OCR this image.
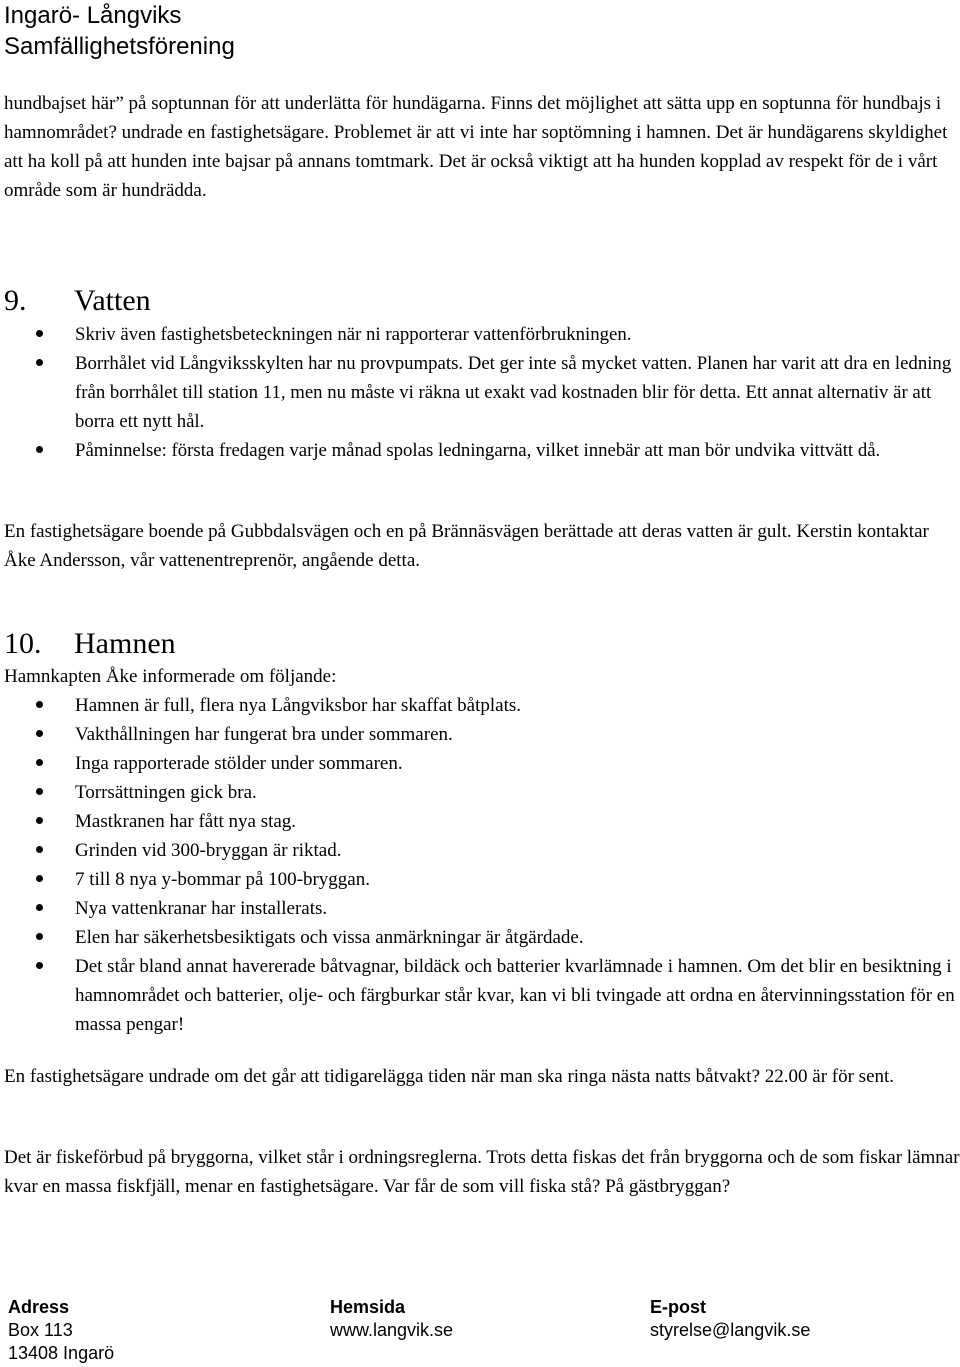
Ingarö- Långviks
Samfällighetsförening

hundbajset här” på soptunnan för att underlätta för hundägarna. Finns det möjlighet att sätta upp en soptunna för hundbajs i hamnområdet? undrade en fastighetsägare. Problemet är att vi inte har soptömning i hamnen. Det är hundägarens skyldighet att ha koll på att hunden inte bajsar på annans tomtmark. Det är också viktigt att ha hunden kopplad av respekt för de i vårt område som är hundrädda.

9. Vatten
Skriv även fastighetsbeteckningen när ni rapporterar vattenförbrukningen.
Borrhålet vid Långviksskylten har nu provpumpats. Det ger inte så mycket vatten. Planen har varit att dra en ledning från borrhålet till station 11, men nu måste vi räkna ut exakt vad kostnaden blir för detta. Ett annat alternativ är att borra ett nytt hål.
Påminnelse: första fredagen varje månad spolas ledningarna, vilket innebär att man bör undvika vittvätt då.

En fastighetsägare boende på Gubbdalsvägen och en på Brännäsvägen berättade att deras vatten är gult. Kerstin kontaktar Åke Andersson, vår vattenentreprenör, angående detta.

10. Hamnen

Hamnkapten Åke informerade om följande:

Hamnen är full, flera nya Långviksbor har skaffat båtplats.
Vakthållningen har fungerat bra under sommaren.
Inga rapporterade stölder under sommaren.
Torrsättningen gick bra.
Mastkranen har fått nya stag.
Grinden vid 300-bryggan är riktad.
7 till 8 nya y-bommar på 100-bryggan.
Nya vattenkranar har installerats.
Elen har säkerhetsbesiktigats och vissa anmärkningar är åtgärdade.
Det står bland annat havererade båtvagnar, bildäck och batterier kvarlämnade i hamnen. Om det blir en besiktning i hamnområdet och batterier, olje- och färgburkar står kvar, kan vi bli tvingade att ordna en återvinningsstation för en massa pengar!

En fastighetsägare undrade om det går att tidigarelägga tiden när man ska ringa nästa natts båtvakt? 22.00 är för sent.

Det är fiskeförbud på bryggorna, vilket står i ordningsreglerna. Trots detta fiskas det från bryggorna och de som fiskar lämnar kvar en massa fiskfjäll, menar en fastighetsägare. Var får de som vill fiska stå? På gästbryggan?

Adress
Box 113
13408 Ingarö
Hemsida
www.langvik.se
E-post
styrelse@langvik.se
